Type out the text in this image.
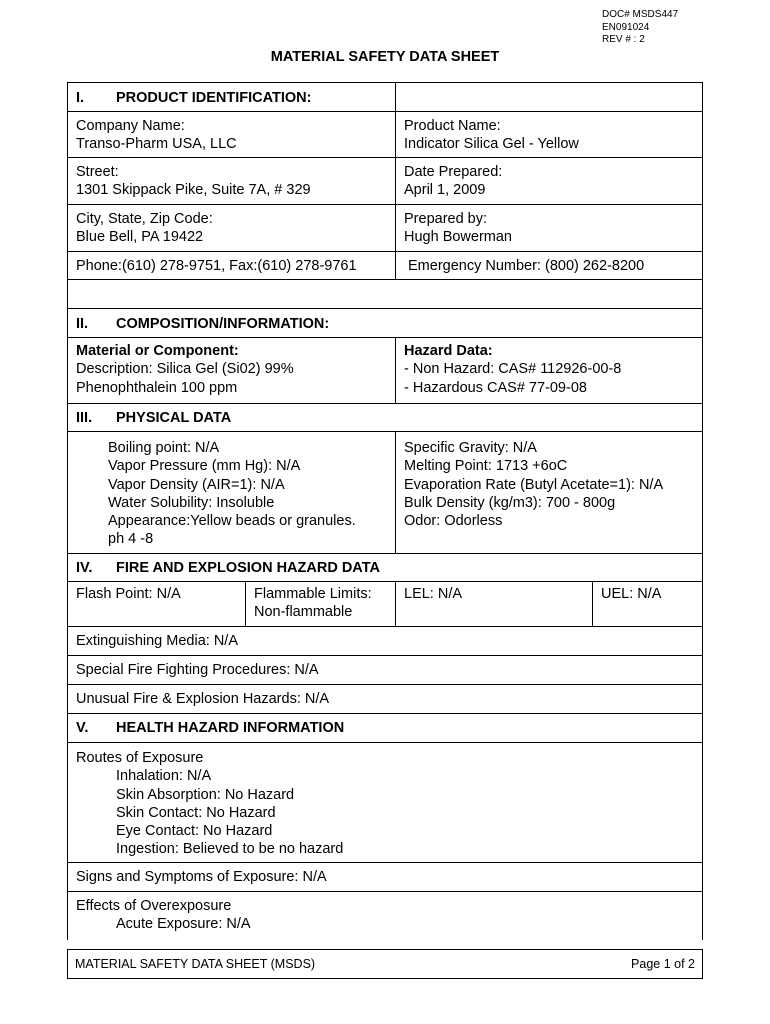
DOC# MSDS447
EN091024
REV # : 2
MATERIAL SAFETY DATA SHEET
I.	PRODUCT IDENTIFICATION:
Company Name:
Transo-Pharm USA, LLC
Product Name:
Indicator Silica Gel - Yellow
Street:
1301 Skippack Pike, Suite 7A, # 329
Date Prepared:
April 1, 2009
City, State, Zip Code:
Blue Bell, PA 19422
Prepared by:
Hugh Bowerman
Phone:(610) 278-9751, Fax:(610) 278-9761	Emergency Number: (800) 262-8200
II.	COMPOSITION/INFORMATION:
Material or Component:
Description: Silica Gel (Si02) 99%
Phenophthalein 100 ppm
Hazard Data:
- Non Hazard: CAS# 112926-00-8
- Hazardous CAS# 77-09-08
III.	PHYSICAL DATA
Boiling point: N/A
Vapor Pressure (mm Hg): N/A
Vapor Density (AIR=1): N/A
Water Solubility: Insoluble
Appearance:Yellow beads or granules.
ph 4 -8
Specific Gravity: N/A
Melting Point: 1713 +6oC
Evaporation Rate (Butyl Acetate=1): N/A
Bulk Density (kg/m3): 700 - 800g
Odor: Odorless
IV.	FIRE AND EXPLOSION HAZARD DATA
Flash Point: N/A	Flammable Limits:
Non-flammable
LEL: N/A	UEL: N/A
Extinguishing Media: N/A
Special Fire Fighting Procedures: N/A
Unusual Fire & Explosion Hazards: N/A
V.	HEALTH HAZARD INFORMATION
Routes of Exposure
Inhalation: N/A
Skin Absorption: No Hazard
Skin Contact: No Hazard
Eye Contact: No Hazard
Ingestion: Believed to be no hazard
Signs and Symptoms of Exposure: N/A
Effects of Overexposure
Acute Exposure: N/A
MATERIAL SAFETY DATA SHEET (MSDS)	Page 1 of 2
